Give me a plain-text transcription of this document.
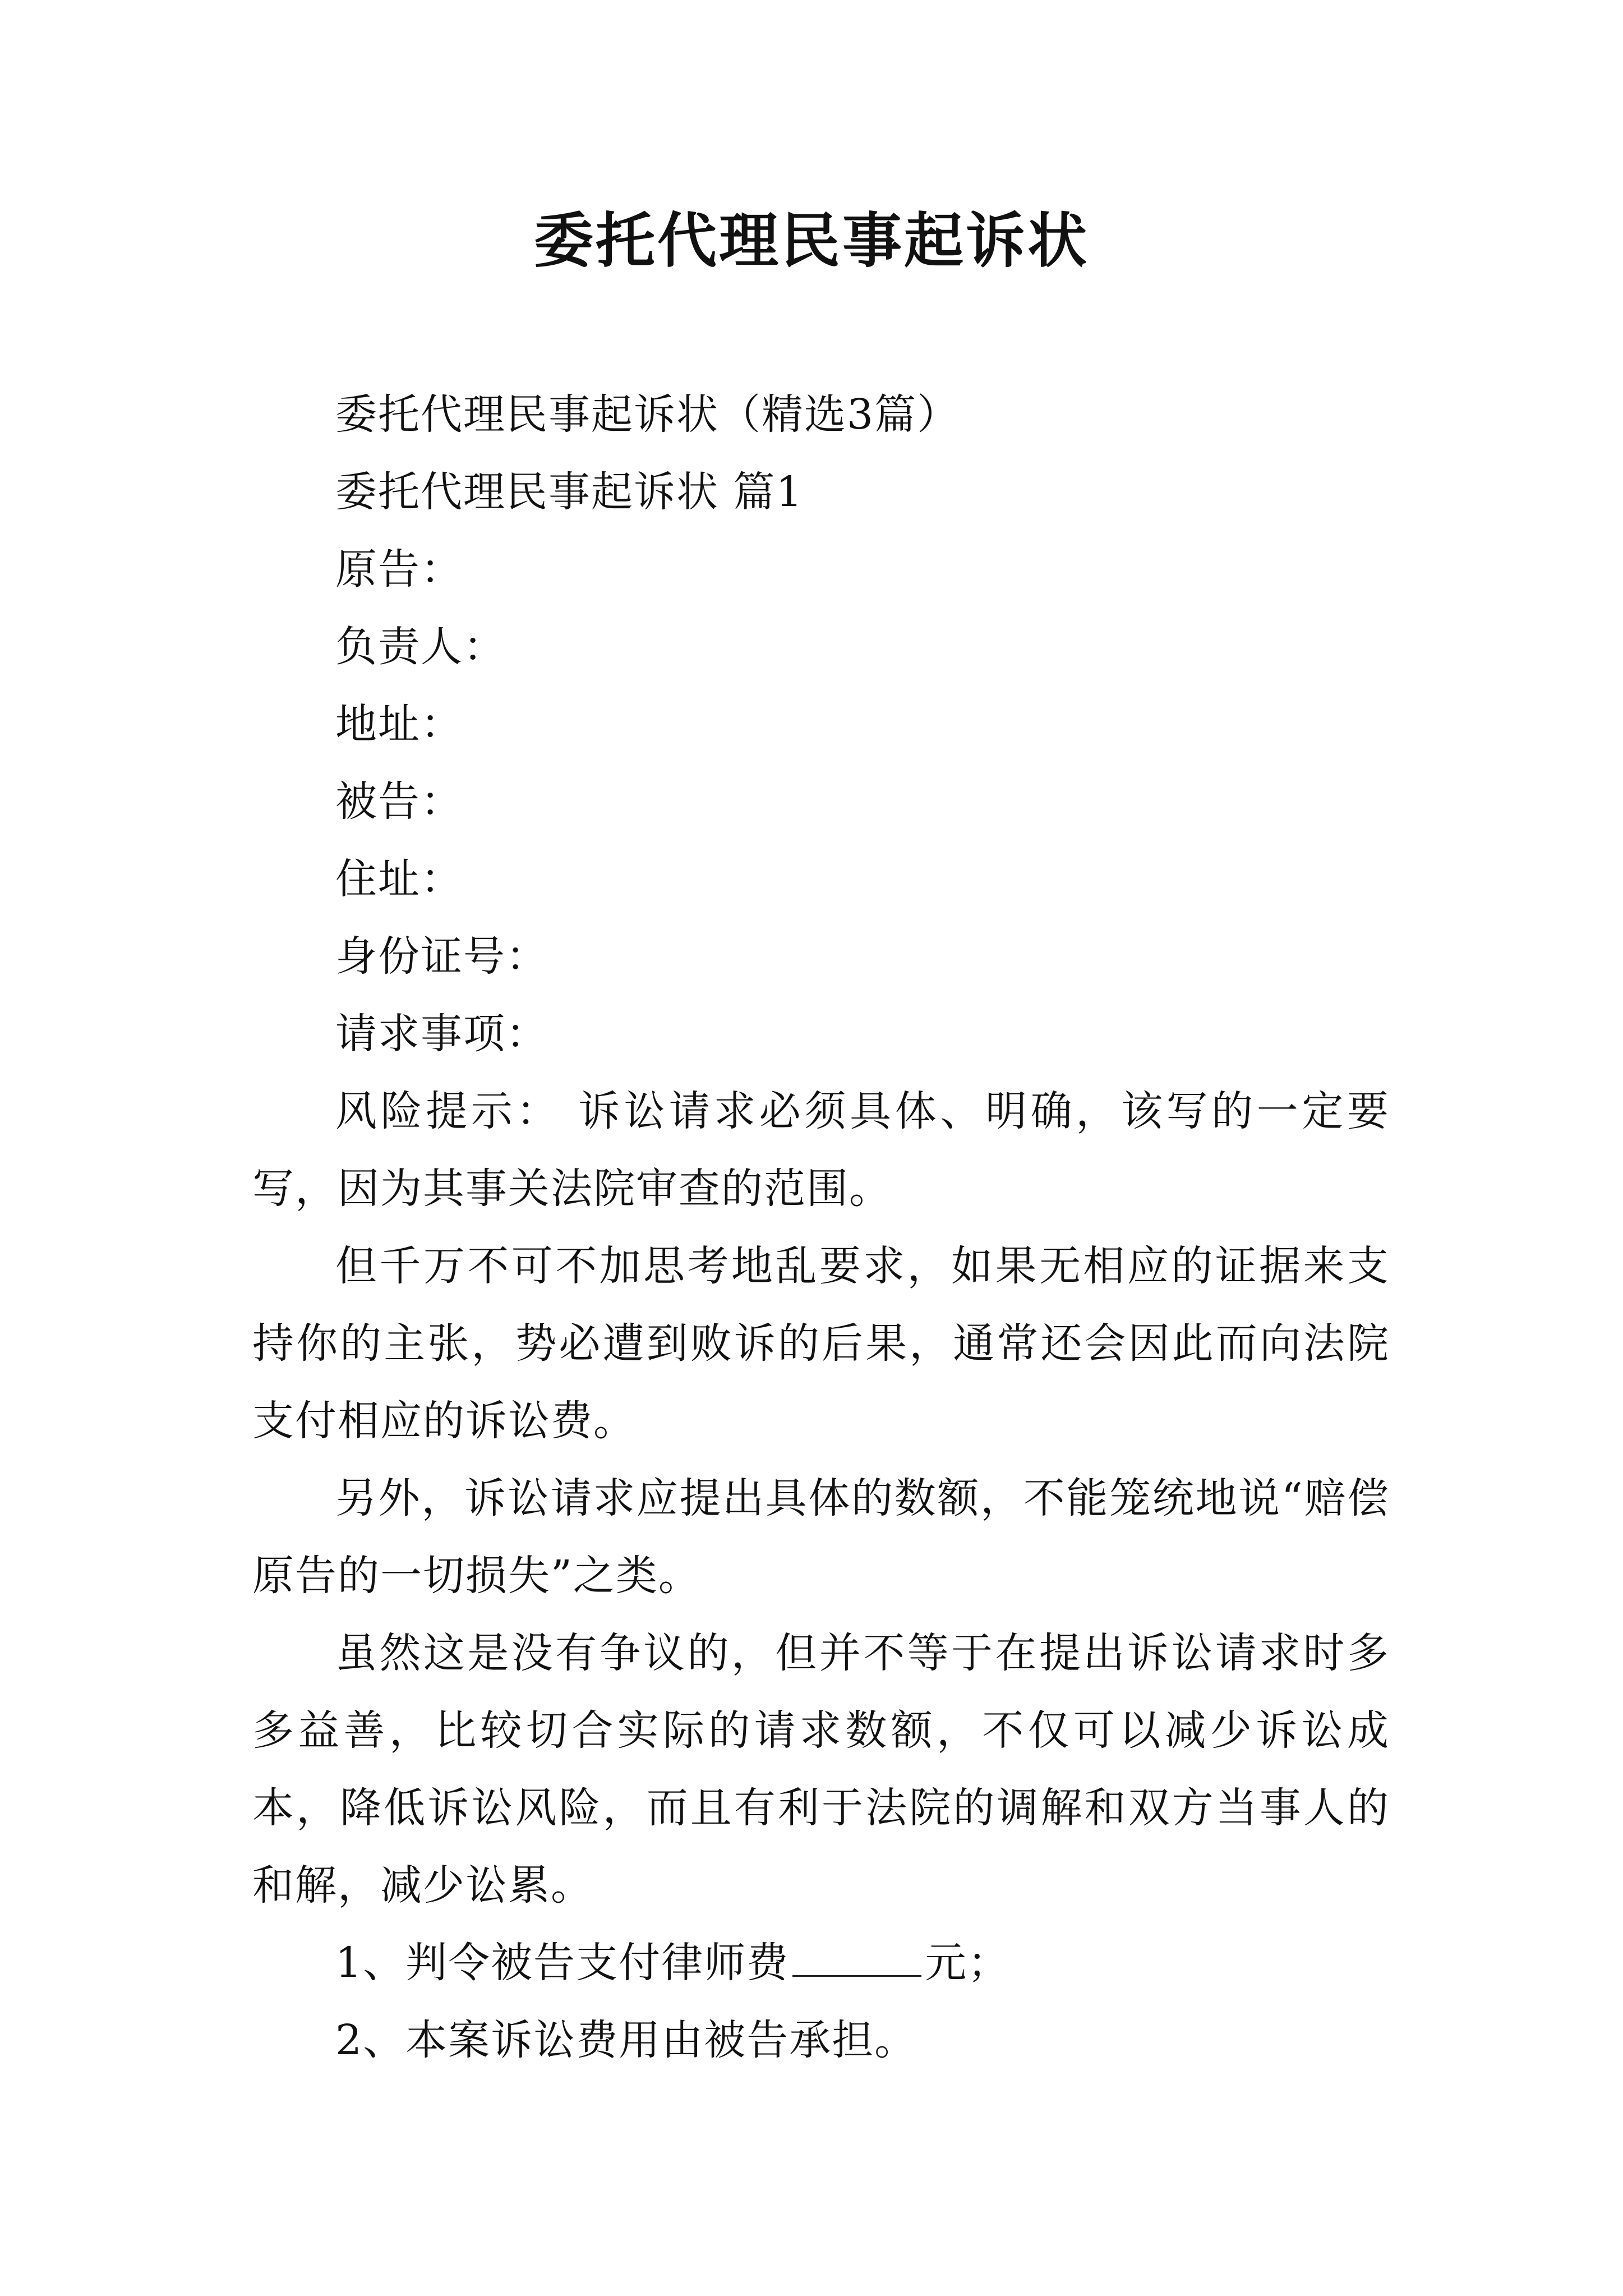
委托代理民事起诉状

委托代理民事起诉状（精选3篇）

委托代理民事起诉状 篇1

原告：

负责人：

地址：

被告：

住址：

身份证号：

请求事项：

风险提示： 诉讼请求必须具体、明确，该写的一定要写，因为其事关法院审查的范围。

但千万不可不加思考地乱要求，如果无相应的证据来支持你的主张，势必遭到败诉的后果，通常还会因此而向法院支付相应的诉讼费。

另外，诉讼请求应提出具体的数额，不能笼统地说“赔偿原告的一切损失”之类。

虽然这是没有争议的，但并不等于在提出诉讼请求时多多益善，比较切合实际的请求数额，不仅可以减少诉讼成本，降低诉讼风险，而且有利于法院的调解和双方当事人的和解，减少讼累。

1、判令被告支付律师费	元；

2、本案诉讼费用由被告承担。
